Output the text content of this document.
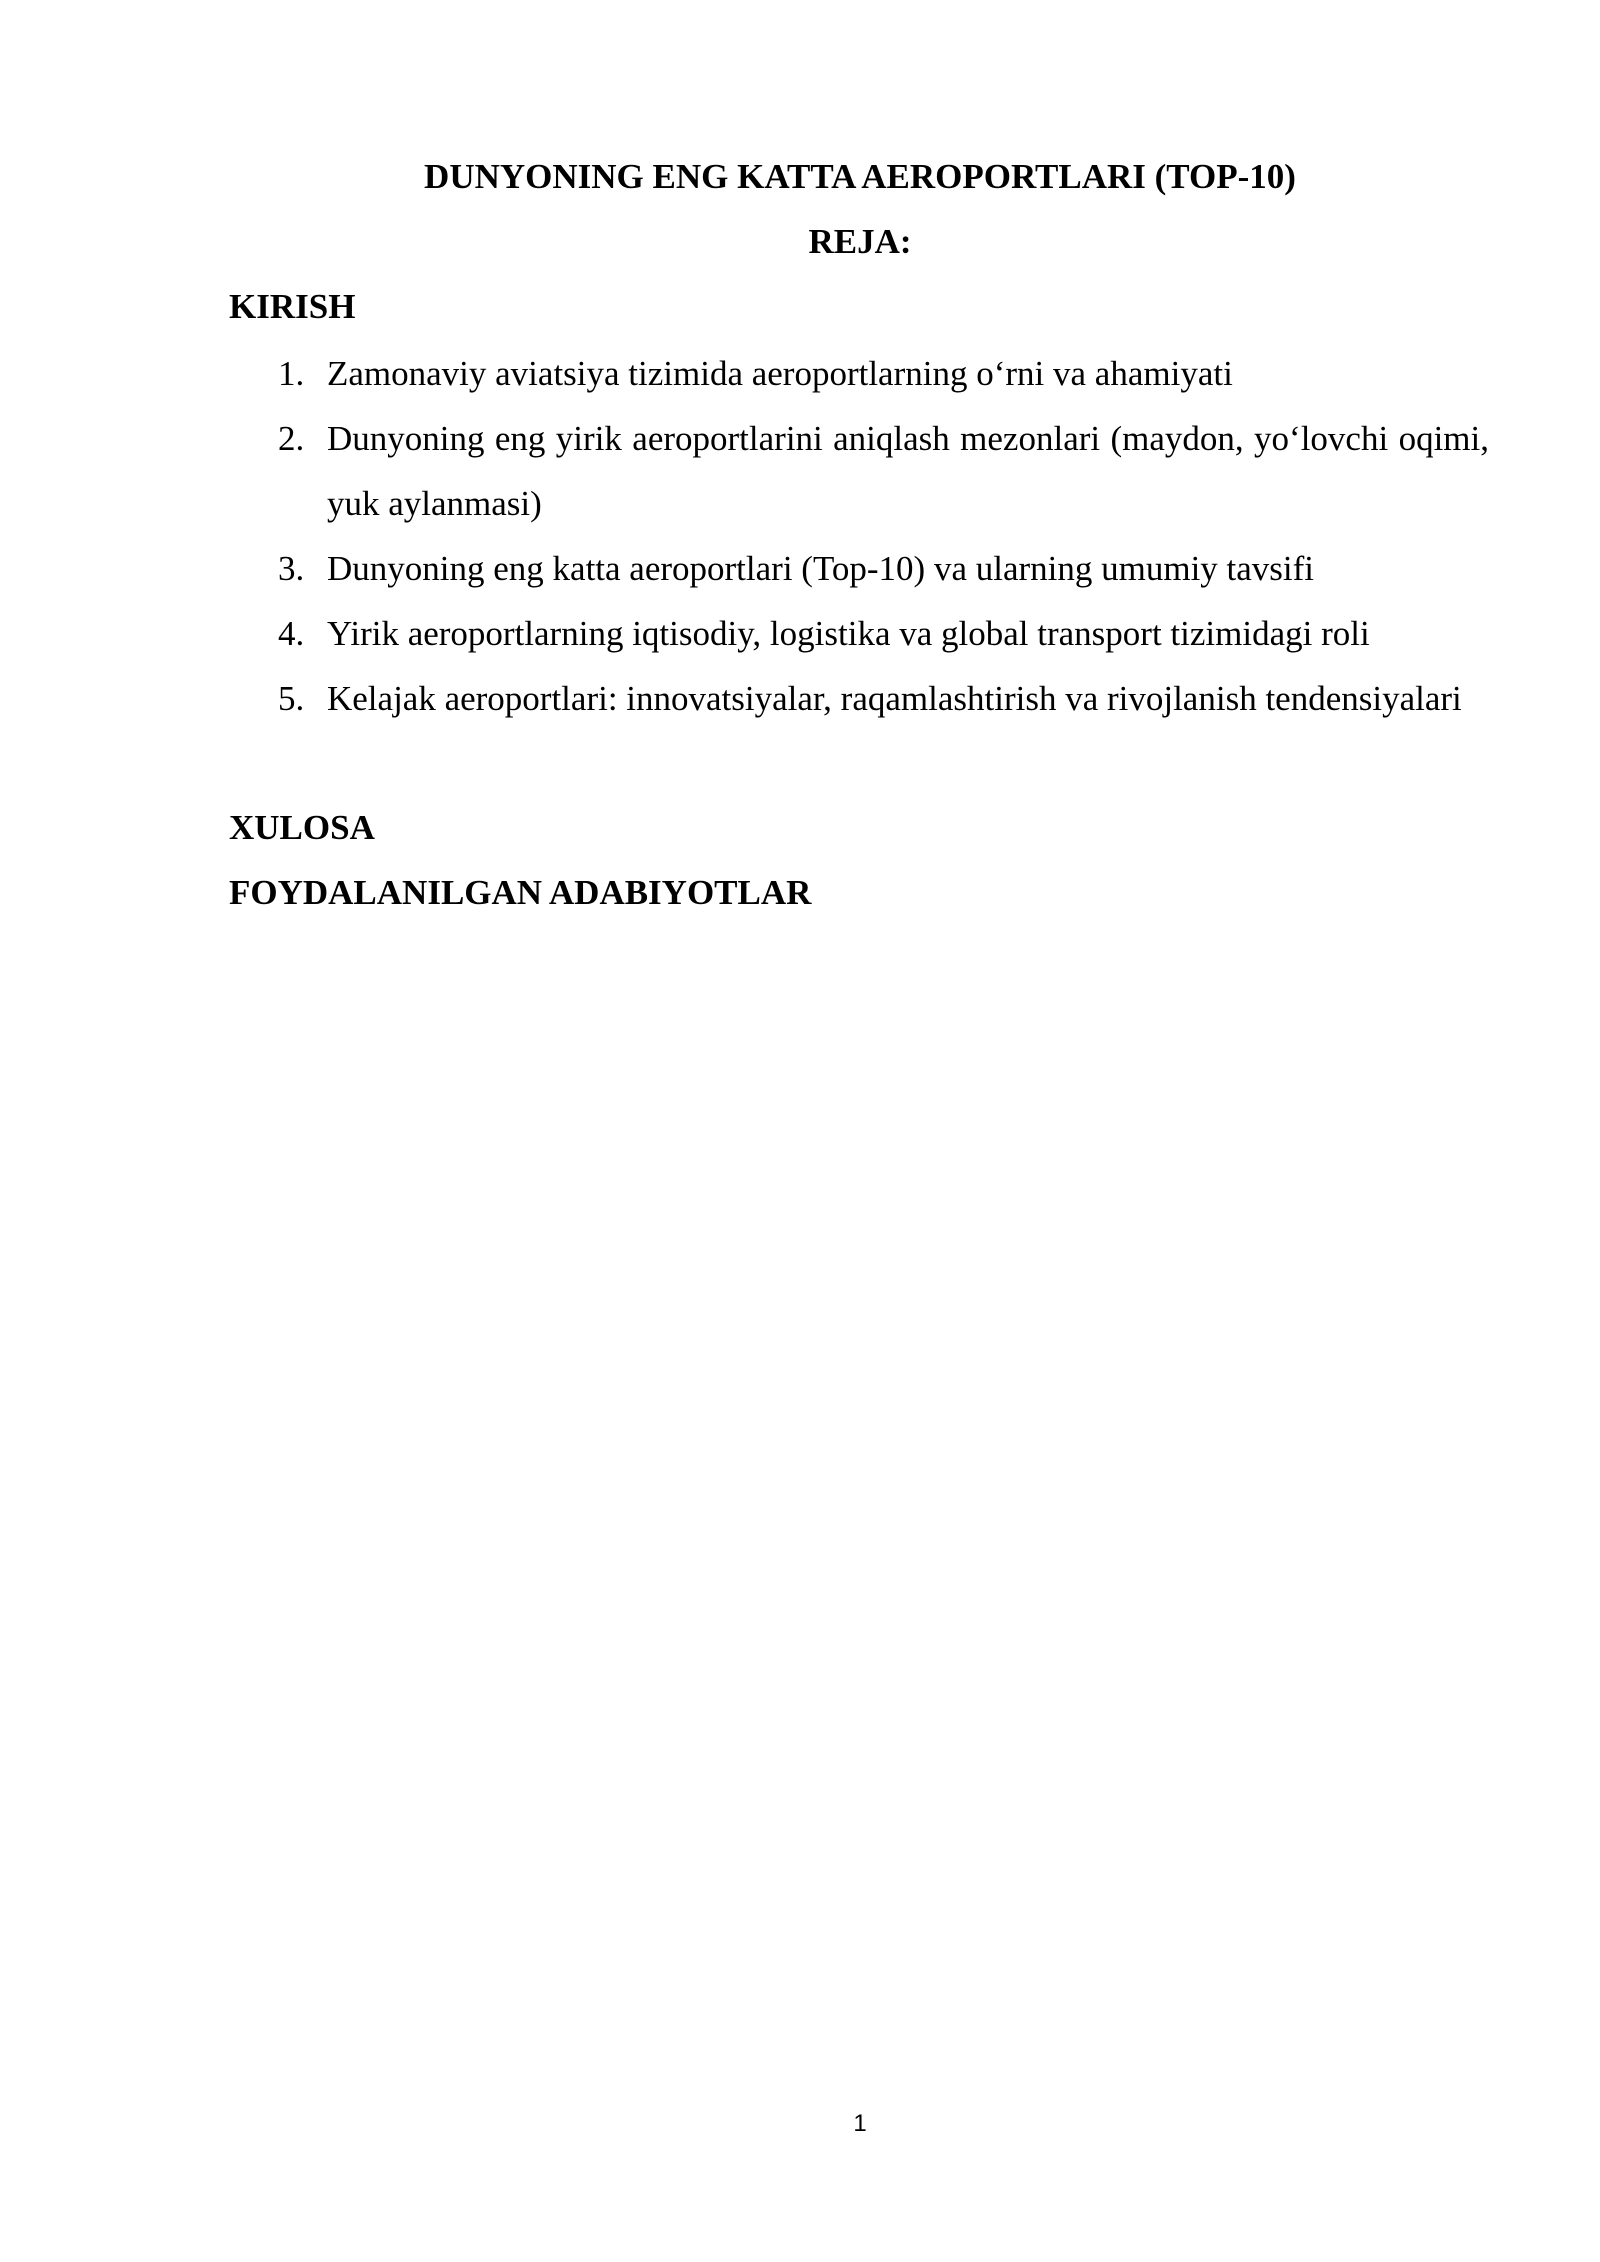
DUNYONING ENG KATTA AEROPORTLARI (TOP-10)
REJA:
KIRISH
1. Zamonaviy aviatsiya tizimida aeroportlarning o‘rni va ahamiyati
2. Dunyoning eng yirik aeroportlarini aniqlash mezonlari (maydon, yo‘lovchi oqimi, yuk aylanmasi)
3. Dunyoning eng katta aeroportlari (Top-10) va ularning umumiy tavsifi
4. Yirik aeroportlarning iqtisodiy, logistika va global transport tizimidagi roli
5. Kelajak aeroportlari: innovatsiyalar, raqamlashtirish va rivojlanish tendensiyalari
XULOSA
FOYDALANILGAN ADABIYOTLAR
1
